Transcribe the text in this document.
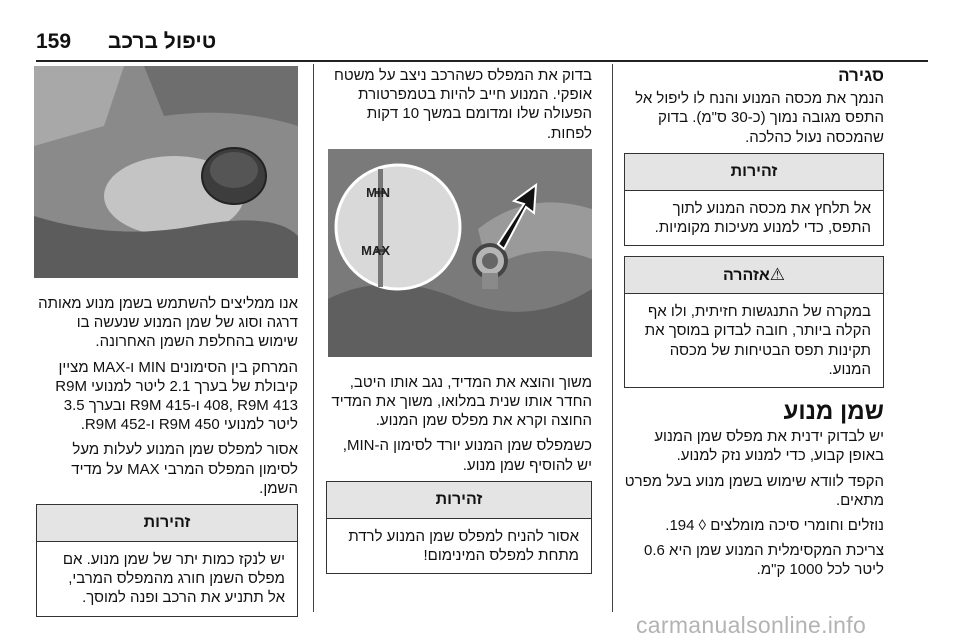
159 טיפול ברכב
סגירה

הנמך את מכסה המנוע והנח לו ליפול אל התפס מגובה נמוך (כ-30 ס"מ). בדוק שהמכסה נעול כהלכה.

זהירות
אל תלחץ את מכסה המנוע לתוך התפס, כדי למנוע מעיכות מקומיות.
⚠אזהרה
במקרה של התנגשות חזיתית, ולו אף הקלה ביותר, חובה לבדוק במוסך את תקינות תפס הבטיחות של מכסה המנוע.
שמן מנוע

יש לבדוק ידנית את מפלס שמן המנוע באופן קבוע, כדי למנוע נזק למנוע.

הקפד לוודא שימוש בשמן מנוע בעל מפרט מתאים.

נוזלים וחומרי סיכה מומלצים ◊ 194.

צריכת המקסימלית המנוע שמן היא 0.6 ליטר לכל 1000 ק"מ.

בדוק את המפלס כשהרכב ניצב על משטח אופקי. המנוע חייב להיות בטמפרטורת הפעולה שלו ומדומם במשך 10 דקות לפחות.

MIN
MAX

משוך והוצא את המדיד, נגב אותו היטב, החדר אותו שנית במלואו, משוך את המדיד החוצה וקרא את מפלס שמן המנוע.

כשמפלס שמן המנוע יורד לסימון ה-MIN, יש להוסיף שמן מנוע.

זהירות
אסור להניח למפלס שמן המנוע לרדת מתחת למפלס המינימום!

אנו ממליצים להשתמש בשמן מנוע מאותה דרגה וסוג של שמן המנוע שנעשה בו שימוש בהחלפת השמן האחרונה.

המרחק בין הסימונים MIN ו-MAX מציין קיבולת של בערך 2.1 ליטר למנועי R9M 408, R9M 413 ו-R9M 415 ובערך 3.5 ליטר למנועי R9M 450 ו-R9M 452.

אסור למפלס שמן המנוע לעלות מעל לסימון המפלס המרבי MAX על מדיד השמן.

זהירות
יש לנקז כמות יתר של שמן מנוע. אם מפלס השמן חורג מהמפלס המרבי, אל תתניע את הרכב ופנה למוסך.
carmanualsonline.info
